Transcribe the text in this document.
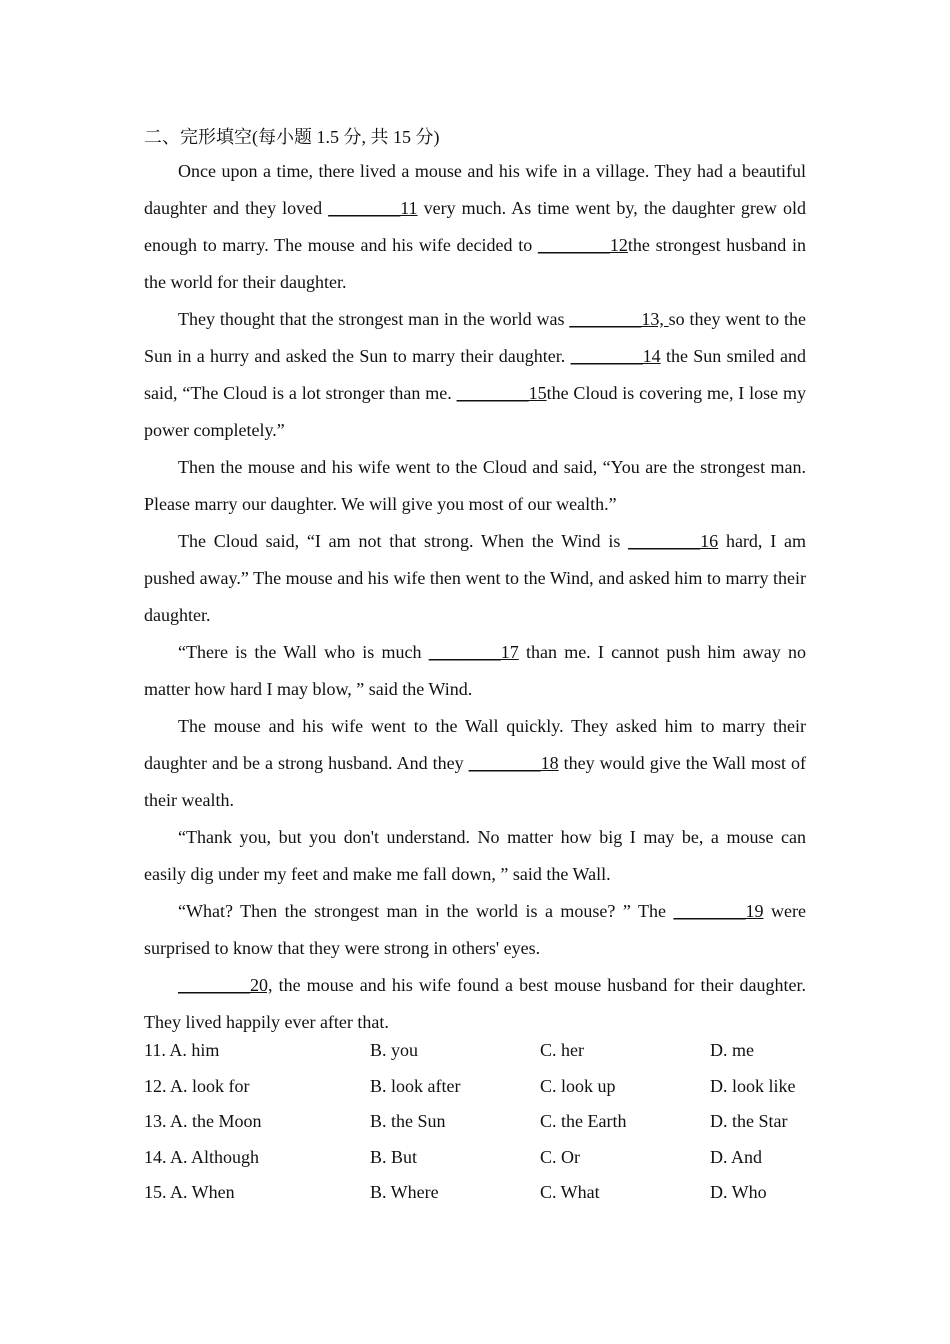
二、完形填空(每小题 1.5 分, 共 15 分)

Once upon a time, there lived a mouse and his wife in a village. They had a beautiful daughter and they loved ________11 very much. As time went by, the daughter grew old enough to marry. The mouse and his wife decided to ________12the strongest husband in the world for their daughter.

They thought that the strongest man in the world was ________13, so they went to the Sun in a hurry and asked the Sun to marry their daughter. ________14 the Sun smiled and said, “The Cloud is a lot stronger than me. ________15the Cloud is covering me, I lose my power completely.”

Then the mouse and his wife went to the Cloud and said, “You are the strongest man. Please marry our daughter. We will give you most of our wealth.”

The Cloud said, “I am not that strong. When the Wind is ________16 hard, I am pushed away.” The mouse and his wife then went to the Wind, and asked him to marry their daughter.

“There is the Wall who is much ________17 than me. I cannot push him away no matter how hard I may blow, ” said the Wind.

The mouse and his wife went to the Wall quickly. They asked him to marry their daughter and be a strong husband. And they ________18 they would give the Wall most of their wealth.

“Thank you, but you don't understand. No matter how big I may be, a mouse can easily dig under my feet and make me fall down, ” said the Wall.

“What? Then the strongest man in the world is a mouse? ” The ________19 were surprised to know that they were strong in others' eyes.

________20, the mouse and his wife found a best mouse husband for their daughter. They lived happily ever after that.

11. A. him	B. you	C. her	D. me
12. A. look for	B. look after	C. look up	D. look like
13. A. the Moon	B. the Sun	C. the Earth	D. the Star
14. A. Although	B. But	C. Or	D. And
15. A. When	B. Where	C. What	D. Who
